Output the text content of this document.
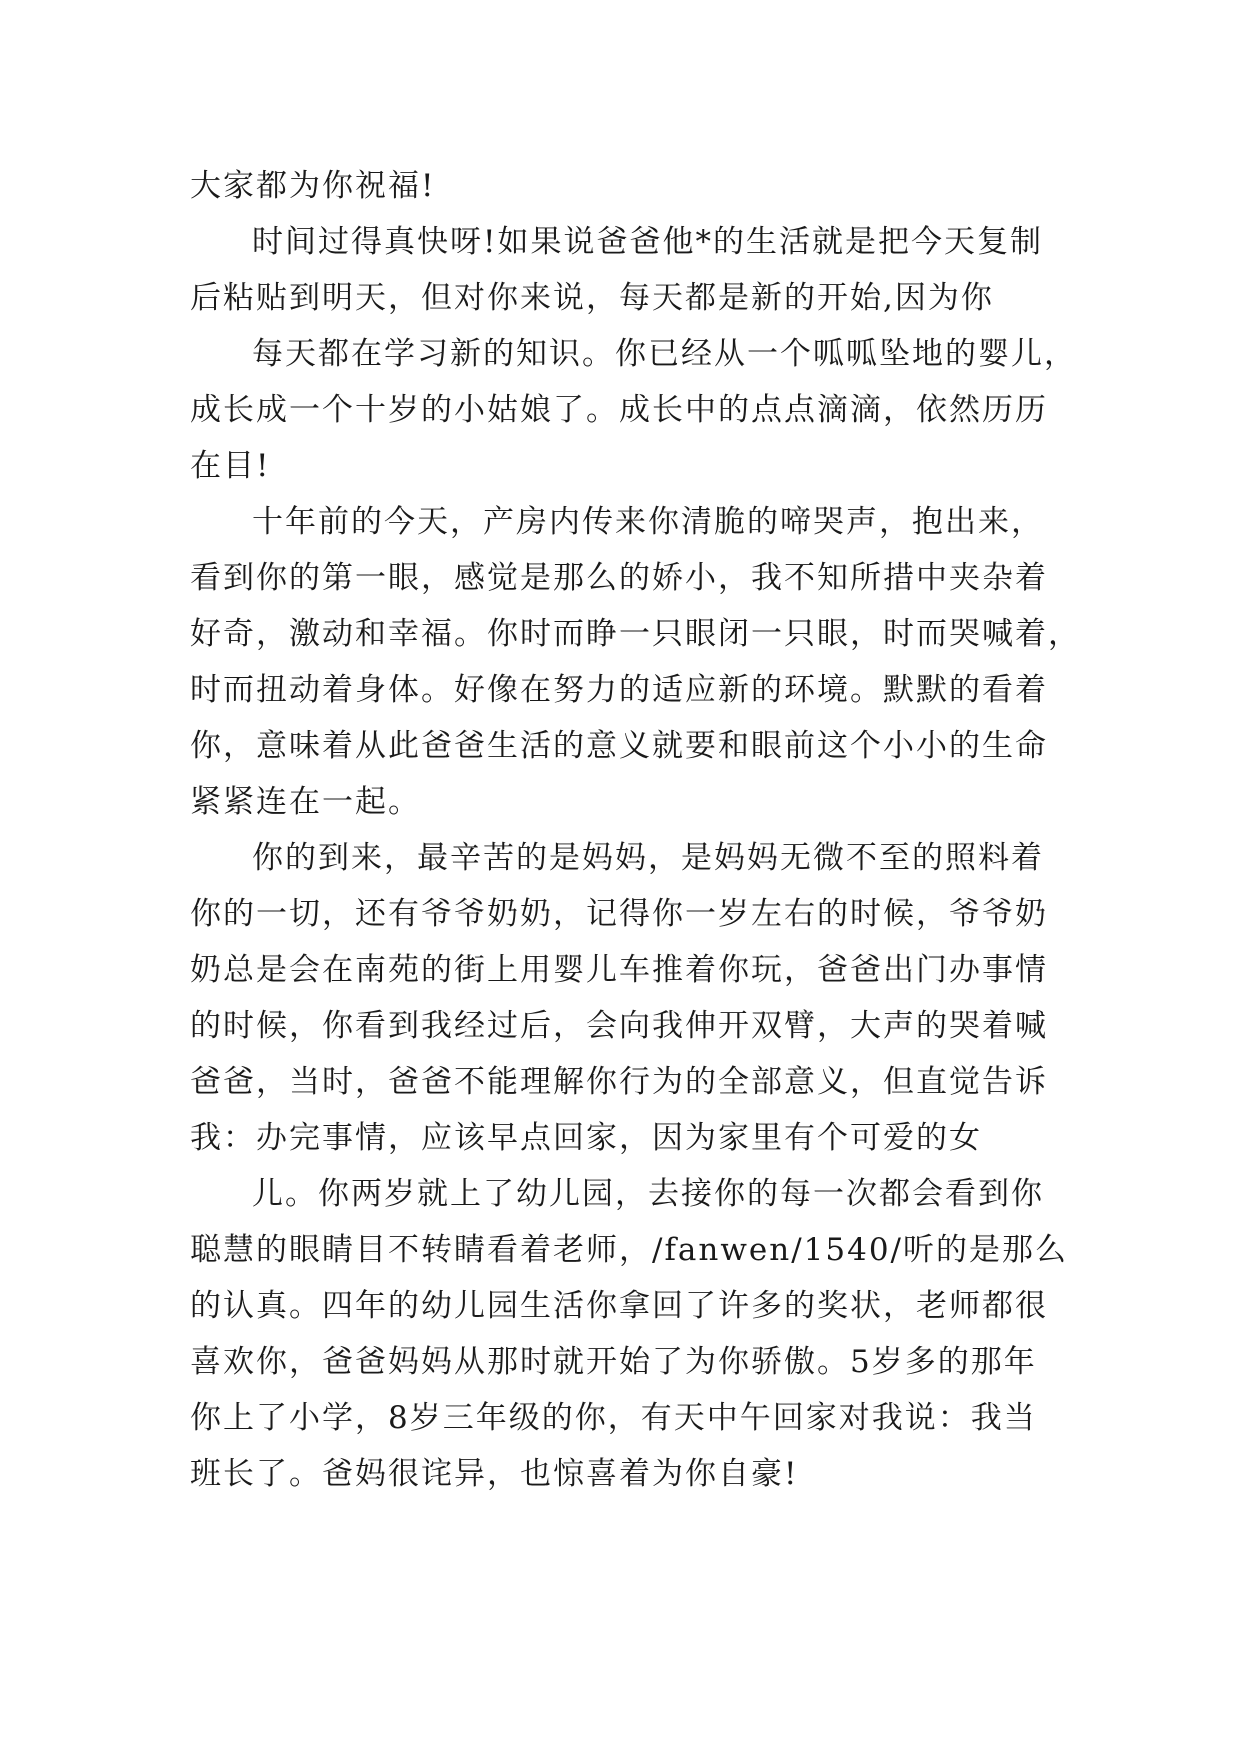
大家都为你祝福!
时间过得真快呀!如果说爸爸他*的生活就是把今天复制
后粘贴到明天，但对你来说，每天都是新的开始,因为你
每天都在学习新的知识。你已经从一个呱呱坠地的婴儿，
成长成一个十岁的小姑娘了。成长中的点点滴滴，依然历历
在目!
十年前的今天，产房内传来你清脆的啼哭声，抱出来，
看到你的第一眼，感觉是那么的娇小，我不知所措中夹杂着
好奇，激动和幸福。你时而睁一只眼闭一只眼，时而哭喊着，
时而扭动着身体。好像在努力的适应新的环境。默默的看着
你，意味着从此爸爸生活的意义就要和眼前这个小小的生命
紧紧连在一起。
你的到来，最辛苦的是妈妈，是妈妈无微不至的照料着
你的一切，还有爷爷奶奶，记得你一岁左右的时候，爷爷奶
奶总是会在南苑的街上用婴儿车推着你玩，爸爸出门办事情
的时候，你看到我经过后，会向我伸开双臂，大声的哭着喊
爸爸，当时，爸爸不能理解你行为的全部意义，但直觉告诉
我：办完事情，应该早点回家，因为家里有个可爱的女
儿。你两岁就上了幼儿园，去接你的每一次都会看到你
聪慧的眼睛目不转睛看着老师，/fanwen/1540/听的是那么
的认真。四年的幼儿园生活你拿回了许多的奖状，老师都很
喜欢你，爸爸妈妈从那时就开始了为你骄傲。5岁多的那年
你上了小学，8岁三年级的你，有天中午回家对我说：我当
班长了。爸妈很诧异，也惊喜着为你自豪!
